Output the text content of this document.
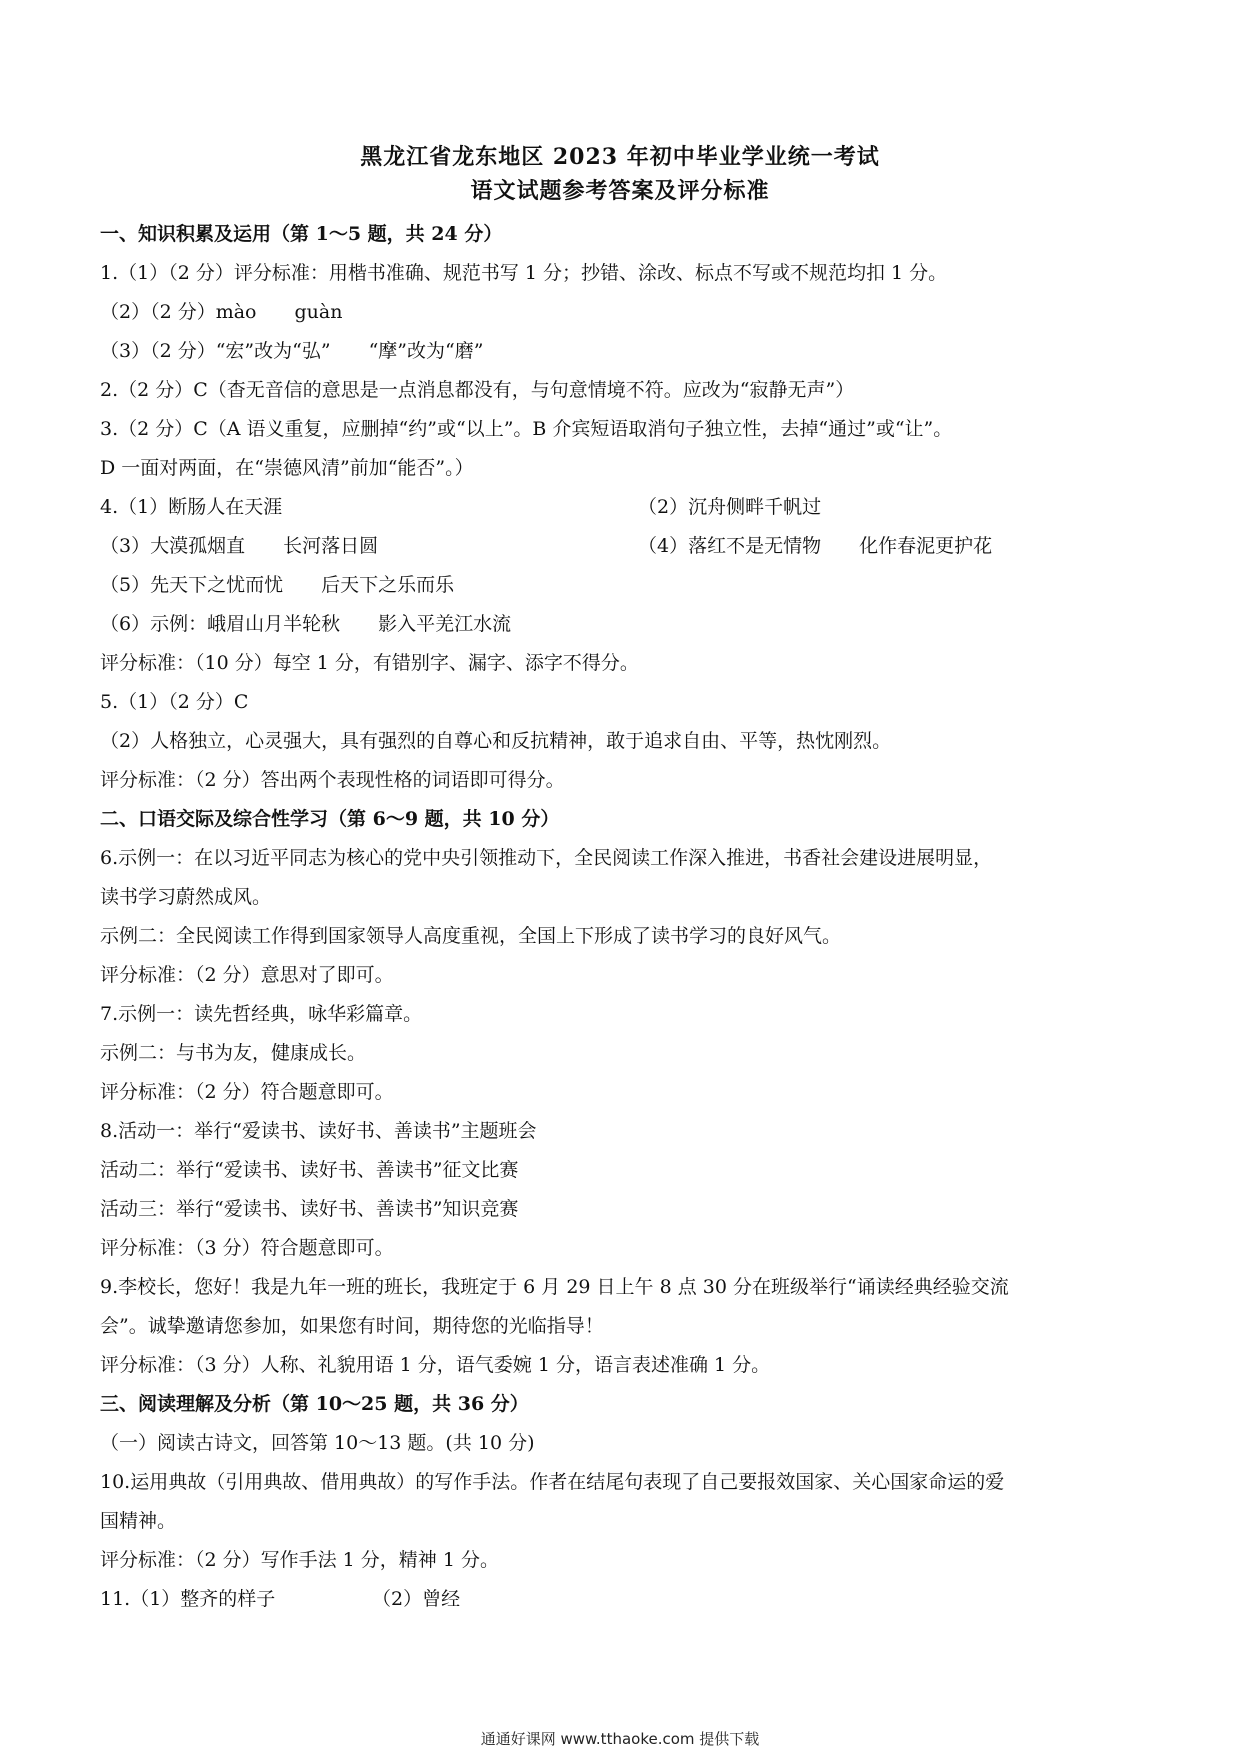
黑龙江省龙东地区 2023 年初中毕业学业统一考试
语文试题参考答案及评分标准
一、知识积累及运用（第 1～5 题，共 24 分）
1.（1）（2 分）评分标准：用楷书准确、规范书写 1 分；抄错、涂改、标点不写或不规范均扣 1 分。
（2）（2 分）mào　　guàn
（3）（2 分）“宏”改为“弘”　　“摩”改为“磨”
2.（2 分）C（杳无音信的意思是一点消息都没有，与句意情境不符。应改为“寂静无声”）
3.（2 分）C（A 语义重复，应删掉“约”或“以上”。B 介宾短语取消句子独立性，去掉“通过”或“让”。
D 一面对两面，在“崇德风清”前加“能否”。）
4.（1）断肠人在天涯	（2）沉舟侧畔千帆过
（3）大漠孤烟直　　长河落日圆	（4）落红不是无情物　　化作春泥更护花
（5）先天下之忧而忧　　后天下之乐而乐
（6）示例：峨眉山月半轮秋　　影入平羌江水流
评分标准：（10 分）每空 1 分，有错别字、漏字、添字不得分。
5.（1）（2 分）C
（2）人格独立，心灵强大，具有强烈的自尊心和反抗精神，敢于追求自由、平等，热忱刚烈。
评分标准：（2 分）答出两个表现性格的词语即可得分。
二、口语交际及综合性学习（第 6～9 题，共 10 分）
6.示例一：在以习近平同志为核心的党中央引领推动下，全民阅读工作深入推进，书香社会建设进展明显，
读书学习蔚然成风。
示例二：全民阅读工作得到国家领导人高度重视，全国上下形成了读书学习的良好风气。
评分标准：（2 分）意思对了即可。
7.示例一：读先哲经典，咏华彩篇章。
示例二：与书为友，健康成长。
评分标准：（2 分）符合题意即可。
8.活动一：举行“爱读书、读好书、善读书”主题班会
活动二：举行“爱读书、读好书、善读书”征文比赛
活动三：举行“爱读书、读好书、善读书”知识竞赛
评分标准：（3 分）符合题意即可。
9.李校长，您好！我是九年一班的班长，我班定于 6 月 29 日上午 8 点 30 分在班级举行“诵读经典经验交流
会”。诚挚邀请您参加，如果您有时间，期待您的光临指导！
评分标准：（3 分）人称、礼貌用语 1 分，语气委婉 1 分，语言表述准确 1 分。
三、阅读理解及分析（第 10～25 题，共 36 分）
（一）阅读古诗文，回答第 10～13 题。(共 10 分)
10.运用典故（引用典故、借用典故）的写作手法。作者在结尾句表现了自己要报效国家、关心国家命运的爱
国精神。
评分标准：（2 分）写作手法 1 分，精神 1 分。
11.（1）整齐的样子	（2）曾经
通通好课网 www.tthaoke.com 提供下载
